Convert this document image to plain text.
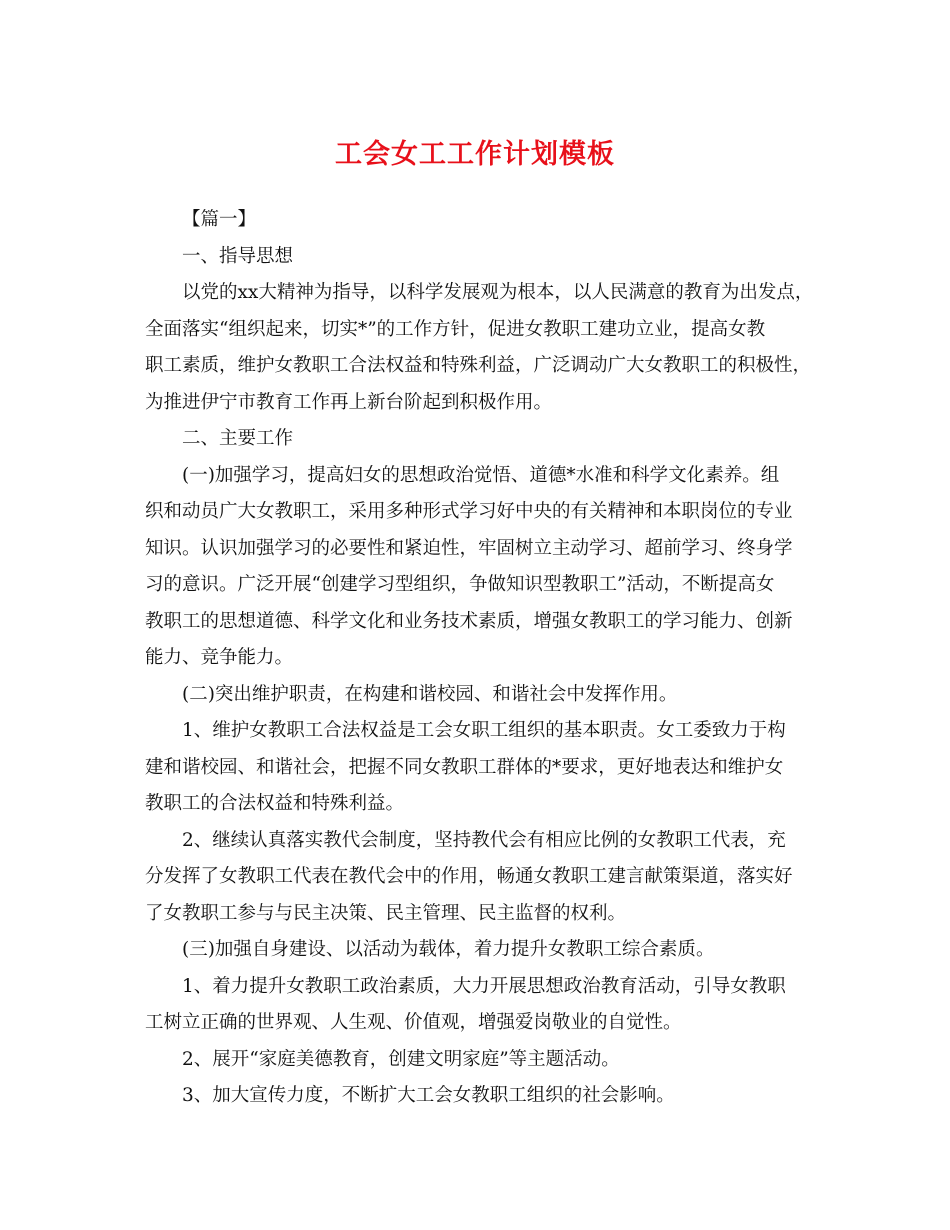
工会女工工作计划模板

【篇一】

一、指导思想

以党的xx大精神为指导，以科学发展观为根本，以人民满意的教育为出发点，
全面落实“组织起来，切实*”的工作方针，促进女教职工建功立业，提高女教
职工素质，维护女教职工合法权益和特殊利益，广泛调动广大女教职工的积极性，
为推进伊宁市教育工作再上新台阶起到积极作用。

二、主要工作

(一)加强学习，提高妇女的思想政治觉悟、道德*水准和科学文化素养。组
织和动员广大女教职工，采用多种形式学习好中央的有关精神和本职岗位的专业
知识。认识加强学习的必要性和紧迫性，牢固树立主动学习、超前学习、终身学
习的意识。广泛开展“创建学习型组织，争做知识型教职工”活动，不断提高女
教职工的思想道德、科学文化和业务技术素质，增强女教职工的学习能力、创新
能力、竞争能力。

(二)突出维护职责，在构建和谐校园、和谐社会中发挥作用。

1、维护女教职工合法权益是工会女职工组织的基本职责。女工委致力于构
建和谐校园、和谐社会，把握不同女教职工群体的*要求，更好地表达和维护女
教职工的合法权益和特殊利益。

2、继续认真落实教代会制度，坚持教代会有相应比例的女教职工代表，充
分发挥了女教职工代表在教代会中的作用，畅通女教职工建言献策渠道，落实好
了女教职工参与与民主决策、民主管理、民主监督的权利。

(三)加强自身建设、以活动为载体，着力提升女教职工综合素质。

1、着力提升女教职工政治素质，大力开展思想政治教育活动，引导女教职
工树立正确的世界观、人生观、价值观，增强爱岗敬业的自觉性。

2、展开“家庭美德教育，创建文明家庭”等主题活动。

3、加大宣传力度，不断扩大工会女教职工组织的社会影响。
